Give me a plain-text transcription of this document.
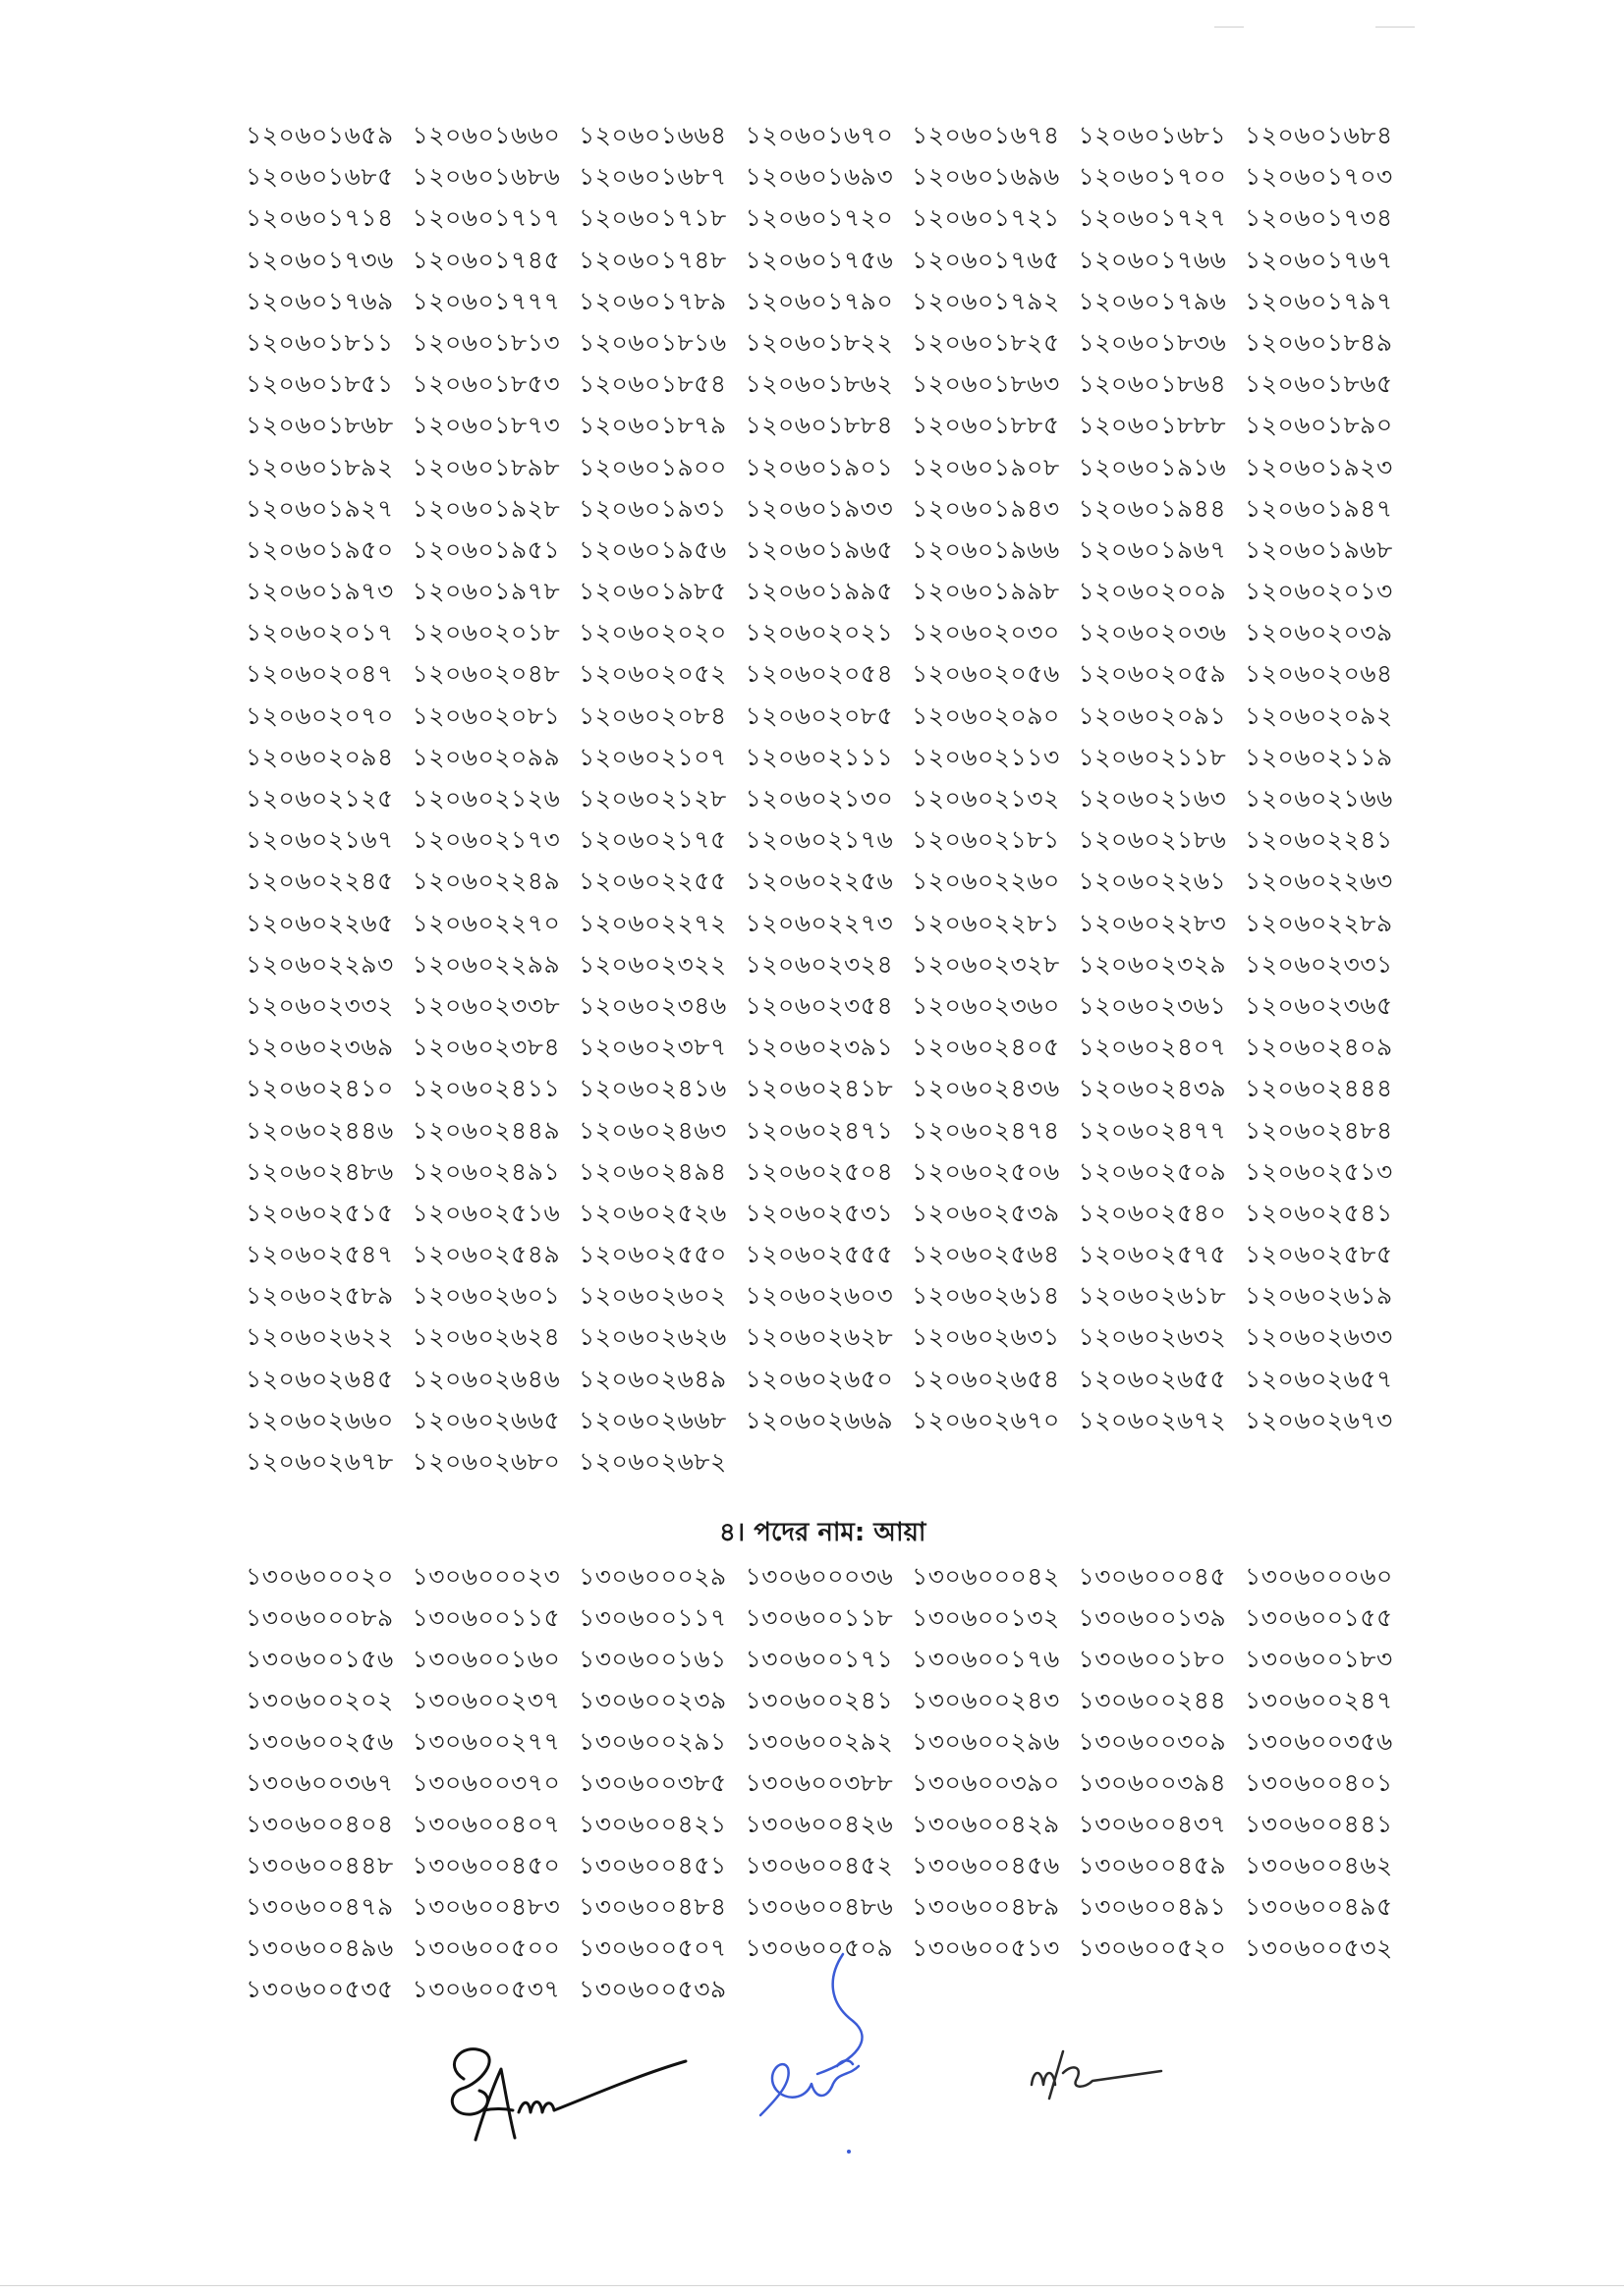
১২০৬০১৬৫৯ ১২০৬০১৬৬০ ১২০৬০১৬৬৪ ১২০৬০১৬৭০ ১২০৬০১৬৭৪ ১২০৬০১৬৮১ ১২০৬০১৬৮৪
১২০৬০১৬৮৫ ১২০৬০১৬৮৬ ১২০৬০১৬৮৭ ১২০৬০১৬৯৩ ১২০৬০১৬৯৬ ১২০৬০১৭০০ ১২০৬০১৭০৩
১২০৬০১৭১৪ ১২০৬০১৭১৭ ১২০৬০১৭১৮ ১২০৬০১৭২০ ১২০৬০১৭২১ ১২০৬০১৭২৭ ১২০৬০১৭৩৪
১২০৬০১৭৩৬ ১২০৬০১৭৪৫ ১২০৬০১৭৪৮ ১২০৬০১৭৫৬ ১২০৬০১৭৬৫ ১২০৬০১৭৬৬ ১২০৬০১৭৬৭
১২০৬০১৭৬৯ ১২০৬০১৭৭৭ ১২০৬০১৭৮৯ ১২০৬০১৭৯০ ১২০৬০১৭৯২ ১২০৬০১৭৯৬ ১২০৬০১৭৯৭
১২০৬০১৮১১ ১২০৬০১৮১৩ ১২০৬০১৮১৬ ১২০৬০১৮২২ ১২০৬০১৮২৫ ১২০৬০১৮৩৬ ১২০৬০১৮৪৯
১২০৬০১৮৫১ ১২০৬০১৮৫৩ ১২০৬০১৮৫৪ ১২০৬০১৮৬২ ১২০৬০১৮৬৩ ১২০৬০১৮৬৪ ১২০৬০১৮৬৫
১২০৬০১৮৬৮ ১২০৬০১৮৭৩ ১২০৬০১৮৭৯ ১২০৬০১৮৮৪ ১২০৬০১৮৮৫ ১২০৬০১৮৮৮ ১২০৬০১৮৯০
১২০৬০১৮৯২ ১২০৬০১৮৯৮ ১২০৬০১৯০০ ১২০৬০১৯০১ ১২০৬০১৯০৮ ১২০৬০১৯১৬ ১২০৬০১৯২৩
১২০৬০১৯২৭ ১২০৬০১৯২৮ ১২০৬০১৯৩১ ১২০৬০১৯৩৩ ১২০৬০১৯৪৩ ১২০৬০১৯৪৪ ১২০৬০১৯৪৭
১২০৬০১৯৫০ ১২০৬০১৯৫১ ১২০৬০১৯৫৬ ১২০৬০১৯৬৫ ১২০৬০১৯৬৬ ১২০৬০১৯৬৭ ১২০৬০১৯৬৮
১২০৬০১৯৭৩ ১২০৬০১৯৭৮ ১২০৬০১৯৮৫ ১২০৬০১৯৯৫ ১২০৬০১৯৯৮ ১২০৬০২০০৯ ১২০৬০২০১৩
১২০৬০২০১৭ ১২০৬০২০১৮ ১২০৬০২০২০ ১২০৬০২০২১ ১২০৬০২০৩০ ১২০৬০২০৩৬ ১২০৬০২০৩৯
১২০৬০২০৪৭ ১২০৬০২০৪৮ ১২০৬০২০৫২ ১২০৬০২০৫৪ ১২০৬০২০৫৬ ১২০৬০২০৫৯ ১২০৬০২০৬৪
১২০৬০২০৭০ ১২০৬০২০৮১ ১২০৬০২০৮৪ ১২০৬০২০৮৫ ১২০৬০২০৯০ ১২০৬০২০৯১ ১২০৬০২০৯২
১২০৬০২০৯৪ ১২০৬০২০৯৯ ১২০৬০২১০৭ ১২০৬০২১১১ ১২০৬০২১১৩ ১২০৬০২১১৮ ১২০৬০২১১৯
১২০৬০২১২৫ ১২০৬০২১২৬ ১২০৬০২১২৮ ১২০৬০২১৩০ ১২০৬০২১৩২ ১২০৬০২১৬৩ ১২০৬০২১৬৬
১২০৬০২১৬৭ ১২০৬০২১৭৩ ১২০৬০২১৭৫ ১২০৬০২১৭৬ ১২০৬০২১৮১ ১২০৬০২১৮৬ ১২০৬০২২৪১
১২০৬০২২৪৫ ১২০৬০২২৪৯ ১২০৬০২২৫৫ ১২০৬০২২৫৬ ১২০৬০২২৬০ ১২০৬০২২৬১ ১২০৬০২২৬৩
১২০৬০২২৬৫ ১২০৬০২২৭০ ১২০৬০২২৭২ ১২০৬০২২৭৩ ১২০৬০২২৮১ ১২০৬০২২৮৩ ১২০৬০২২৮৯
১২০৬০২২৯৩ ১২০৬০২২৯৯ ১২০৬০২৩২২ ১২০৬০২৩২৪ ১২০৬০২৩২৮ ১২০৬০২৩২৯ ১২০৬০২৩৩১
১২০৬০২৩৩২ ১২০৬০২৩৩৮ ১২০৬০২৩৪৬ ১২০৬০২৩৫৪ ১২০৬০২৩৬০ ১২০৬০২৩৬১ ১২০৬০২৩৬৫
১২০৬০২৩৬৯ ১২০৬০২৩৮৪ ১২০৬০২৩৮৭ ১২০৬০২৩৯১ ১২০৬০২৪০৫ ১২০৬০২৪০৭ ১২০৬০২৪০৯
১২০৬০২৪১০ ১২০৬০২৪১১ ১২০৬০২৪১৬ ১২০৬০২৪১৮ ১২০৬০২৪৩৬ ১২০৬০২৪৩৯ ১২০৬০২৪৪৪
১২০৬০২৪৪৬ ১২০৬০২৪৪৯ ১২০৬০২৪৬৩ ১২০৬০২৪৭১ ১২০৬০২৪৭৪ ১২০৬০২৪৭৭ ১২০৬০২৪৮৪
১২০৬০২৪৮৬ ১২০৬০২৪৯১ ১২০৬০২৪৯৪ ১২০৬০২৫০৪ ১২০৬০২৫০৬ ১২০৬০২৫০৯ ১২০৬০২৫১৩
১২০৬০২৫১৫ ১২০৬০২৫১৬ ১২০৬০২৫২৬ ১২০৬০২৫৩১ ১২০৬০২৫৩৯ ১২০৬০২৫৪০ ১২০৬০২৫৪১
১২০৬০২৫৪৭ ১২০৬০২৫৪৯ ১২০৬০২৫৫০ ১২০৬০২৫৫৫ ১২০৬০২৫৬৪ ১২০৬০২৫৭৫ ১২০৬০২৫৮৫
১২০৬০২৫৮৯ ১২০৬০২৬০১ ১২০৬০২৬০২ ১২০৬০২৬০৩ ১২০৬০২৬১৪ ১২০৬০২৬১৮ ১২০৬০২৬১৯
১২০৬০২৬২২ ১২০৬০২৬২৪ ১২০৬০২৬২৬ ১২০৬০২৬২৮ ১২০৬০২৬৩১ ১২০৬০২৬৩২ ১২০৬০২৬৩৩
১২০৬০২৬৪৫ ১২০৬০২৬৪৬ ১২০৬০২৬৪৯ ১২০৬০২৬৫০ ১২০৬০২৬৫৪ ১২০৬০২৬৫৫ ১২০৬০২৬৫৭
১২০৬০২৬৬০ ১২০৬০২৬৬৫ ১২০৬০২৬৬৮ ১২০৬০২৬৬৯ ১২০৬০২৬৭০ ১২০৬০২৬৭২ ১২০৬০২৬৭৩
১২০৬০২৬৭৮ ১২০৬০২৬৮০ ১২০৬০২৬৮২
৪। পদের নাম: আয়া
১৩০৬০০০২০ ১৩০৬০০০২৩ ১৩০৬০০০২৯ ১৩০৬০০০৩৬ ১৩০৬০০০৪২ ১৩০৬০০০৪৫ ১৩০৬০০০৬০
১৩০৬০০০৮৯ ১৩০৬০০১১৫ ১৩০৬০০১১৭ ১৩০৬০০১১৮ ১৩০৬০০১৩২ ১৩০৬০০১৩৯ ১৩০৬০০১৫৫
১৩০৬০০১৫৬ ১৩০৬০০১৬০ ১৩০৬০০১৬১ ১৩০৬০০১৭১ ১৩০৬০০১৭৬ ১৩০৬০০১৮০ ১৩০৬০০১৮৩
১৩০৬০০২০২ ১৩০৬০০২৩৭ ১৩০৬০০২৩৯ ১৩০৬০০২৪১ ১৩০৬০০২৪৩ ১৩০৬০০২৪৪ ১৩০৬০০২৪৭
১৩০৬০০২৫৬ ১৩০৬০০২৭৭ ১৩০৬০০২৯১ ১৩০৬০০২৯২ ১৩০৬০০২৯৬ ১৩০৬০০৩০৯ ১৩০৬০০৩৫৬
১৩০৬০০৩৬৭ ১৩০৬০০৩৭০ ১৩০৬০০৩৮৫ ১৩০৬০০৩৮৮ ১৩০৬০০৩৯০ ১৩০৬০০৩৯৪ ১৩০৬০০৪০১
১৩০৬০০৪০৪ ১৩০৬০০৪০৭ ১৩০৬০০৪২১ ১৩০৬০০৪২৬ ১৩০৬০০৪২৯ ১৩০৬০০৪৩৭ ১৩০৬০০৪৪১
১৩০৬০০৪৪৮ ১৩০৬০০৪৫০ ১৩০৬০০৪৫১ ১৩০৬০০৪৫২ ১৩০৬০০৪৫৬ ১৩০৬০০৪৫৯ ১৩০৬০০৪৬২
১৩০৬০০৪৭৯ ১৩০৬০০৪৮৩ ১৩০৬০০৪৮৪ ১৩০৬০০৪৮৬ ১৩০৬০০৪৮৯ ১৩০৬০০৪৯১ ১৩০৬০০৪৯৫
১৩০৬০০৪৯৬ ১৩০৬০০৫০০ ১৩০৬০০৫০৭ ১৩০৬০০৫০৯ ১৩০৬০০৫১৩ ১৩০৬০০৫২০ ১৩০৬০০৫৩২
১৩০৬০০৫৩৫ ১৩০৬০০৫৩৭ ১৩০৬০০৫৩৯
